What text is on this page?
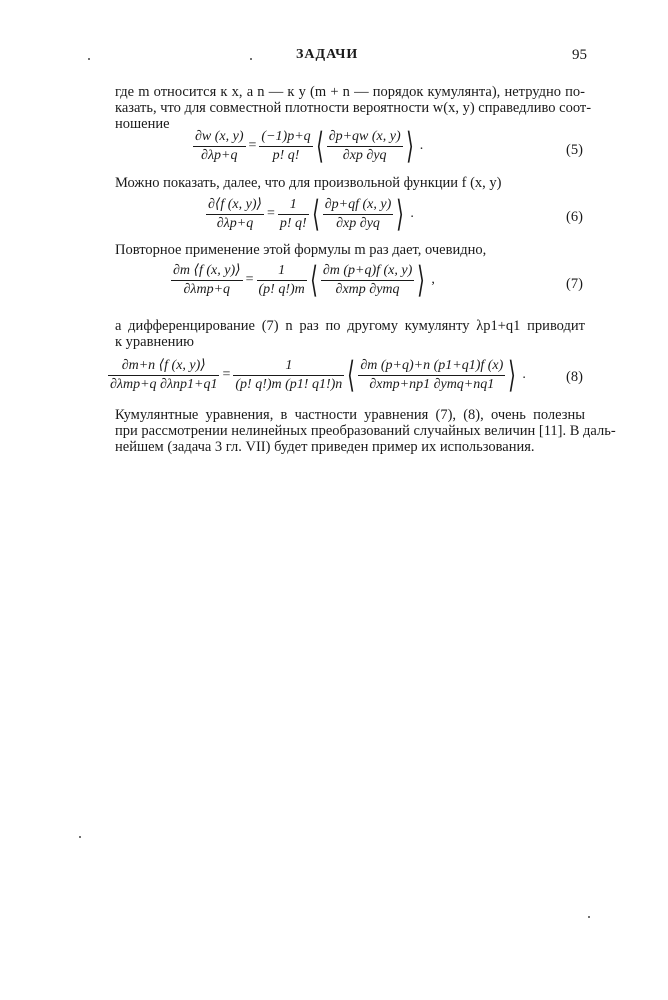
ЗАДАЧИ	95
где m относится к x, а n — к y (m + n — порядок кумулянта), нетрудно по-
казать, что для совместной плотности вероятности w(x, y) справедливо соот-
ношение
$\frac{\partial w (x, y)}{\partial\lambda p+q} = \frac{(-1)p+q}{p! q!}$ ⟨ $\frac{\partial p+qw (x, y)}{\partial xp \partial yq}$ ⟩ .	(5)
Можно показать, далее, что для произвольной функции f (x, y)
$\frac{\partial⟨f (x, y)⟩}{\partial\lambda p+q} = \frac{1}{p! q!}$ ⟨ $\frac{\partial p+qf (x, y)}{\partial xp \partial yq}$ ⟩ .	(6)
Повторное применение этой формулы m раз дает, очевидно,
$\frac{\partial m ⟨f (x, y)⟩}{\text{∂λmp+q}} = \frac{1}{(p! q!)m}$ ⟨ $\frac{\partial m (p+q)f (x, y)}{\text{∂xmp ∂ymq}}$ ⟩ ,	(7)
а дифференцирование (7) n раз по другому кумулянту λp1+q1 приводит
к уравнению
$\frac{\partial m+n ⟨f (x, y)⟩}{\text{∂λmp+q ∂λnp1+q1}} = \frac{1}{(p! q!)m (p1! q1!)n}$ ⟨ $\frac{\partial m (p+q)+n (p1+q1)f (x)}{\text{∂xmp+np1 ∂ymq+nq1}}$ ⟩ .	(8)
Кумулянтные уравнения, в частности уравнения (7), (8), очень полезны
при рассмотрении нелинейных преобразований случайных величин [11]. В даль-
нейшем (задача 3 гл. VII) будет приведен пример их использования.
